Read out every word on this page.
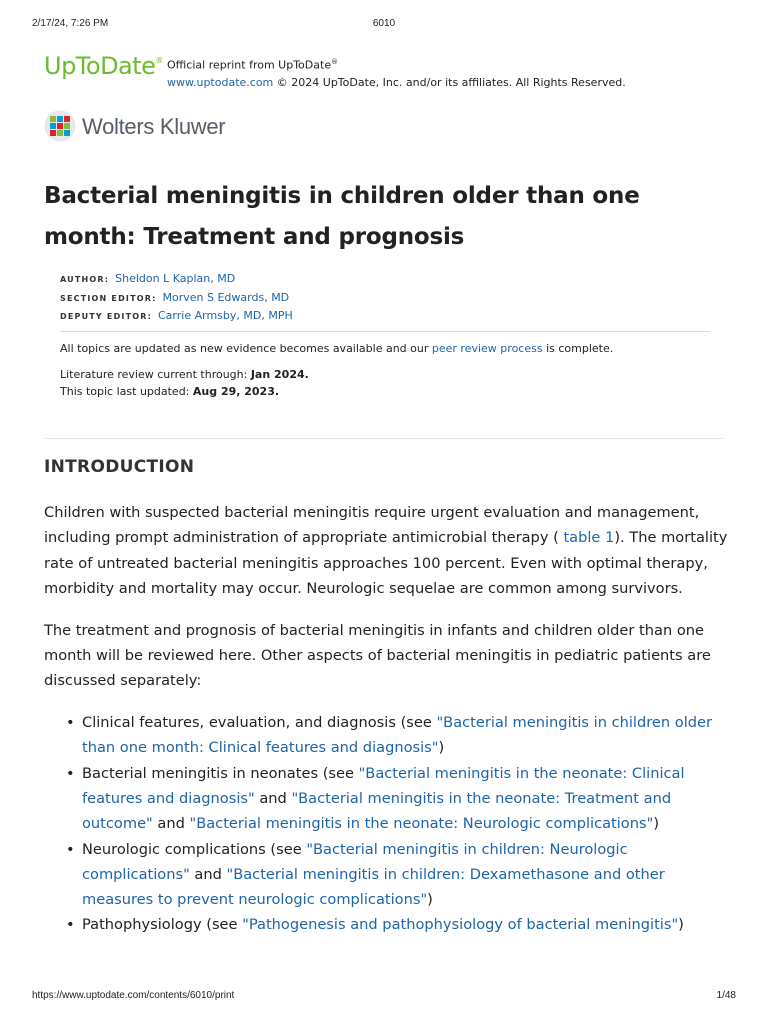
2/17/24, 7:26 PM	6010
UpToDate® Official reprint from UpToDate®
www.uptodate.com © 2024 UpToDate, Inc. and/or its affiliates. All Rights Reserved.
Wolters Kluwer
Bacterial meningitis in children older than one month: Treatment and prognosis
AUTHOR: Sheldon L Kaplan, MD
SECTION EDITOR: Morven S Edwards, MD
DEPUTY EDITOR: Carrie Armsby, MD, MPH
All topics are updated as new evidence becomes available and our peer review process is complete.
Literature review current through: Jan 2024.
This topic last updated: Aug 29, 2023.
INTRODUCTION

Children with suspected bacterial meningitis require urgent evaluation and management, including prompt administration of appropriate antimicrobial therapy ( table 1). The mortality rate of untreated bacterial meningitis approaches 100 percent. Even with optimal therapy, morbidity and mortality may occur. Neurologic sequelae are common among survivors.

The treatment and prognosis of bacterial meningitis in infants and children older than one month will be reviewed here. Other aspects of bacterial meningitis in pediatric patients are discussed separately:

• Clinical features, evaluation, and diagnosis (see "Bacterial meningitis in children older than one month: Clinical features and diagnosis")
• Bacterial meningitis in neonates (see "Bacterial meningitis in the neonate: Clinical features and diagnosis" and "Bacterial meningitis in the neonate: Treatment and outcome" and "Bacterial meningitis in the neonate: Neurologic complications")
• Neurologic complications (see "Bacterial meningitis in children: Neurologic complications" and "Bacterial meningitis in children: Dexamethasone and other measures to prevent neurologic complications")
• Pathophysiology (see "Pathogenesis and pathophysiology of bacterial meningitis")
https://www.uptodate.com/contents/6010/print	1/48
